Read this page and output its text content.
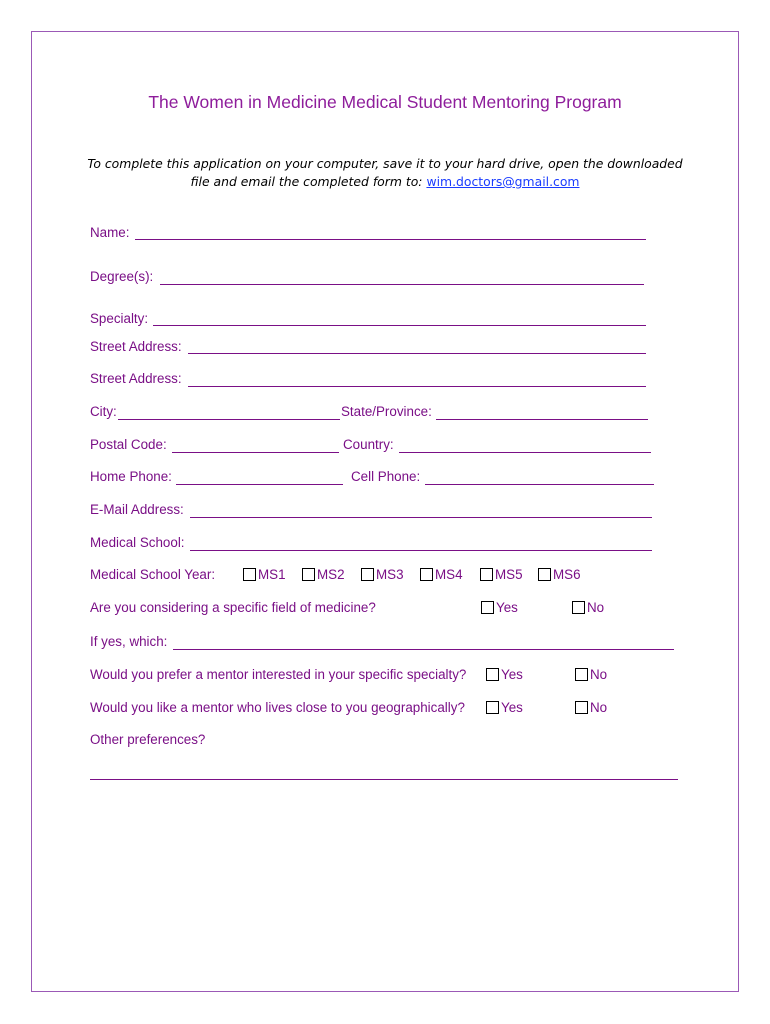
The Women in Medicine Medical Student Mentoring Program
To complete this application on your computer, save it to your hard drive, open the downloaded file and email the completed form to: wim.doctors@gmail.com
Name:
Degree(s):
Specialty:
Street Address:
Street Address:
City:	State/Province:
Postal Code:	Country:
Home Phone:	Cell Phone:
E-Mail Address:
Medical School:
Medical School Year:	MS1 MS2 MS3 MS4 MS5 MS6
Are you considering a specific field of medicine?	Yes	No
If yes, which:
Would you prefer a mentor interested in your specific specialty?	Yes	No
Would you like a mentor who lives close to you geographically?	Yes	No
Other preferences?
